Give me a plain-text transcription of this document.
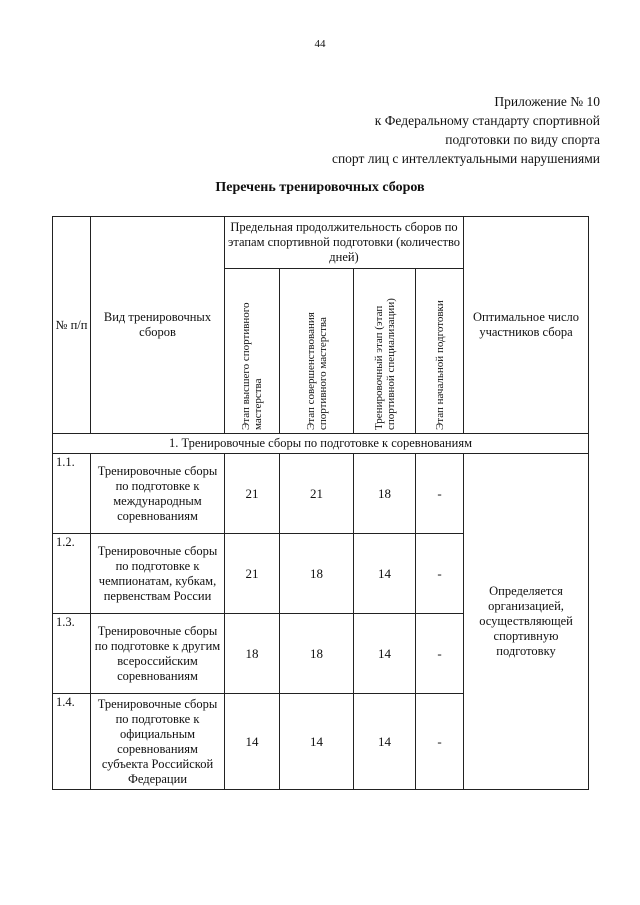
44
Приложение № 10
к Федеральному стандарту спортивной
подготовки по виду спорта
спорт лиц с интеллектуальными нарушениями
Перечень тренировочных сборов
№ п/п	Вид тренировочных сборов	Предельная продолжительность сборов по этапам спортивной подготовки (количество дней)				Оптимальное число участников сбора

		Этап высшего спортивного мастерства	Этап совершенствования спортивного мастерства	Тренировочный этап (этап спортивной специализации)	Этап начальной подготовки	

1. Тренировочные сборы по подготовке к соревнованиям						
1.1.	Тренировочные сборы по подготовке к международным соревнованиям	21	21	18	-	Определяется организацией, осуществляющей спортивную подготовку
1.2.	Тренировочные сборы по подготовке к чемпионатам, кубкам, первенствам России	21	18	14	-	
1.3.	Тренировочные сборы по подготовке к другим всероссийским соревнованиям	18	18	14	-	
1.4.	Тренировочные сборы по подготовке к официальным соревнованиям субъекта Российской Федерации	14	14	14	-	
